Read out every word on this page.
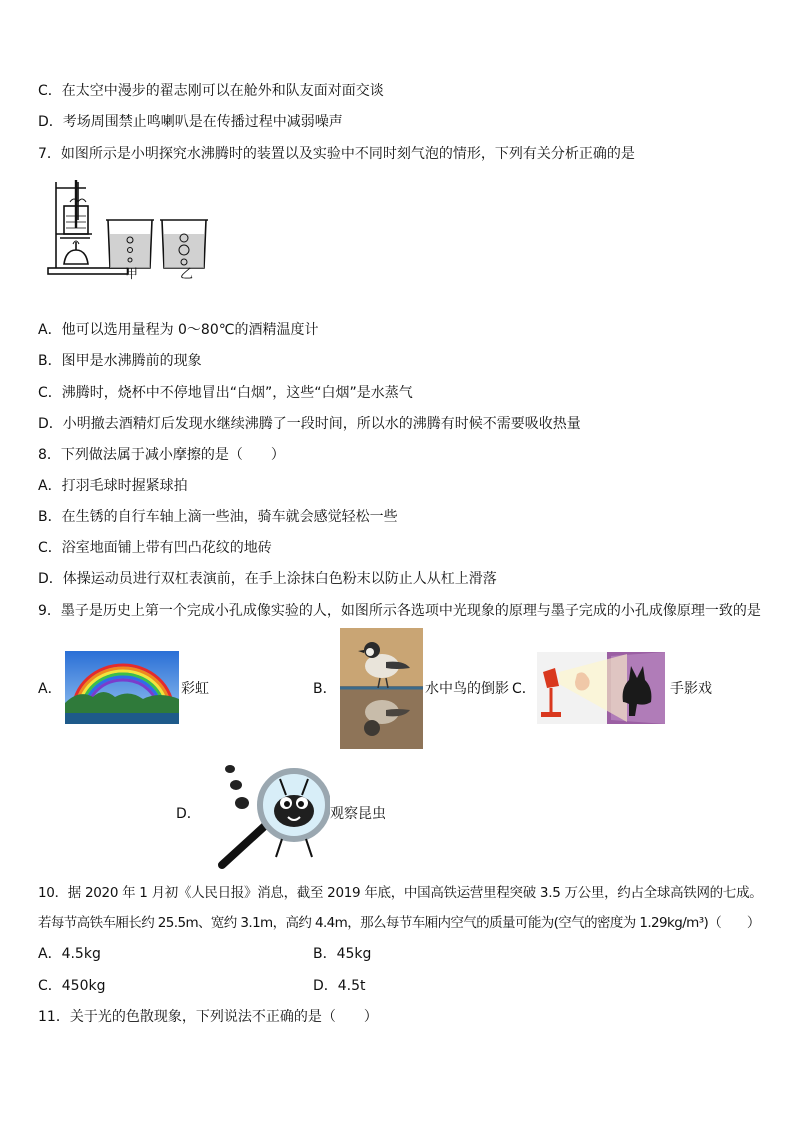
C．在太空中漫步的翟志刚可以在舱外和队友面对面交谈
D．考场周围禁止鸣喇叭是在传播过程中减弱噪声
7．如图所示是小明探究水沸腾时的装置以及实验中不同时刻气泡的情形，下列有关分析正确的是
甲	乙
A．他可以选用量程为 0～80℃的酒精温度计
B．图甲是水沸腾前的现象
C．沸腾时，烧杯中不停地冒出“白烟”，这些“白烟”是水蒸气
D．小明撤去酒精灯后发现水继续沸腾了一段时间，所以水的沸腾有时候不需要吸收热量
8．下列做法属于减小摩擦的是（　　）
A．打羽毛球时握紧球拍
B．在生锈的自行车轴上滴一些油，骑车就会感觉轻松一些
C．浴室地面铺上带有凹凸花纹的地砖
D．体操运动员进行双杠表演前，在手上涂抹白色粉末以防止人从杠上滑落
9．墨子是历史上第一个完成小孔成像实验的人，如图所示各选项中光现象的原理与墨子完成的小孔成像原理一致的是
A．	彩虹	B．	水中鸟的倒影 C．	手影戏
D．	观察昆虫
10．据 2020 年 1 月初《人民日报》消息，截至 2019 年底，中国高铁运营里程突破 3.5 万公里，约占全球高铁网的七成。
若每节高铁车厢长约 25.5m、宽约 3.1m，高约 4.4m，那么每节车厢内空气的质量可能为(空气的密度为 1.29kg/m³)（　　）
A．4.5kg	B．45kg
C．450kg	D．4.5t
11．关于光的色散现象，下列说法不正确的是（　　）
